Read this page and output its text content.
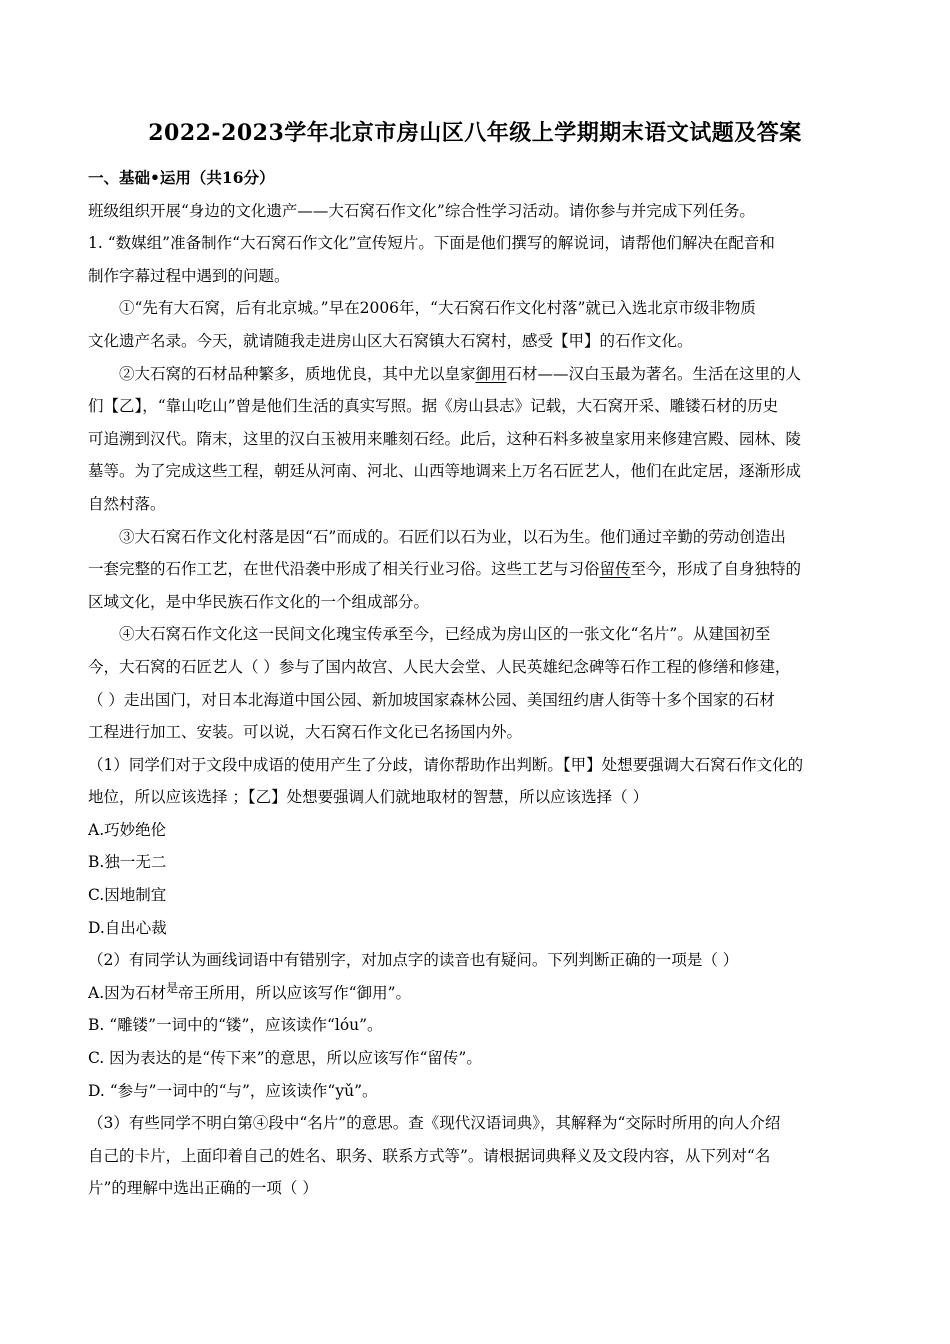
2022-2023学年北京市房山区八年级上学期期末语文试题及答案
一、基础•运用（共16分）
班级组织开展“身边的文化遗产——大石窝石作文化”综合性学习活动。请你参与并完成下列任务。
1. “数媒组”准备制作“大石窝石作文化”宣传短片。下面是他们撰写的解说词，请帮他们解决在配音和
制作字幕过程中遇到的问题。
①“先有大石窝，后有北京城。”早在2006年，“大石窝石作文化村落”就已入选北京市级非物质
文化遗产名录。今天，就请随我走进房山区大石窝镇大石窝村，感受【甲】的石作文化。
②大石窝的石材品种繁多，质地优良，其中尤以皇家御用石材——汉白玉最为著名。生活在这里的人
们【乙】，“靠山吃山”曾是他们生活的真实写照。据《房山县志》记载，大石窝开采、雕镂石材的历史
可追溯到汉代。隋末，这里的汉白玉被用来雕刻石经。此后，这种石料多被皇家用来修建宫殿、园林、陵
墓等。为了完成这些工程，朝廷从河南、河北、山西等地调来上万名石匠艺人，他们在此定居，逐渐形成
自然村落。
③大石窝石作文化村落是因“石”而成的。石匠们以石为业，以石为生。他们通过辛勤的劳动创造出
一套完整的石作工艺，在世代沿袭中形成了相关行业习俗。这些工艺与习俗留传至今，形成了自身独特的
区域文化，是中华民族石作文化的一个组成部分。
④大石窝石作文化这一民间文化瑰宝传承至今，已经成为房山区的一张文化“名片”。从建国初至
今，大石窝的石匠艺人（ ）参与了国内故宫、人民大会堂、人民英雄纪念碑等石作工程的修缮和修建，
（ ）走出国门，对日本北海道中国公园、新加坡国家森林公园、美国纽约唐人街等十多个国家的石材
工程进行加工、安装。可以说，大石窝石作文化已名扬国内外。
（1）同学们对于文段中成语的使用产生了分歧，请你帮助作出判断。【甲】处想要强调大石窝石作文化的
地位，所以应该选择 ；【乙】处想要强调人们就地取材的智慧，所以应该选择（ ）
A.巧妙绝伦
B.独一无二
C.因地制宜
D.自出心裁
（2）有同学认为画线词语中有错别字，对加点字的读音也有疑问。下列判断正确的一项是（ ）
A.因为石材$^是$帝王所用，所以应该写作“御用”。
B. “雕镂”一词中的“镂”，应该读作“lóu”。
C. 因为表达的是“传下来”的意思，所以应该写作“留传”。
D. “参与”一词中的“与”，应该读作“yǔ”。
（3）有些同学不明白第④段中“名片”的意思。查《现代汉语词典》，其解释为“交际时所用的向人介绍
自己的卡片，上面印着自己的姓名、职务、联系方式等”。请根据词典释义及文段内容，从下列对“名
片”的理解中选出正确的一项（ ）
